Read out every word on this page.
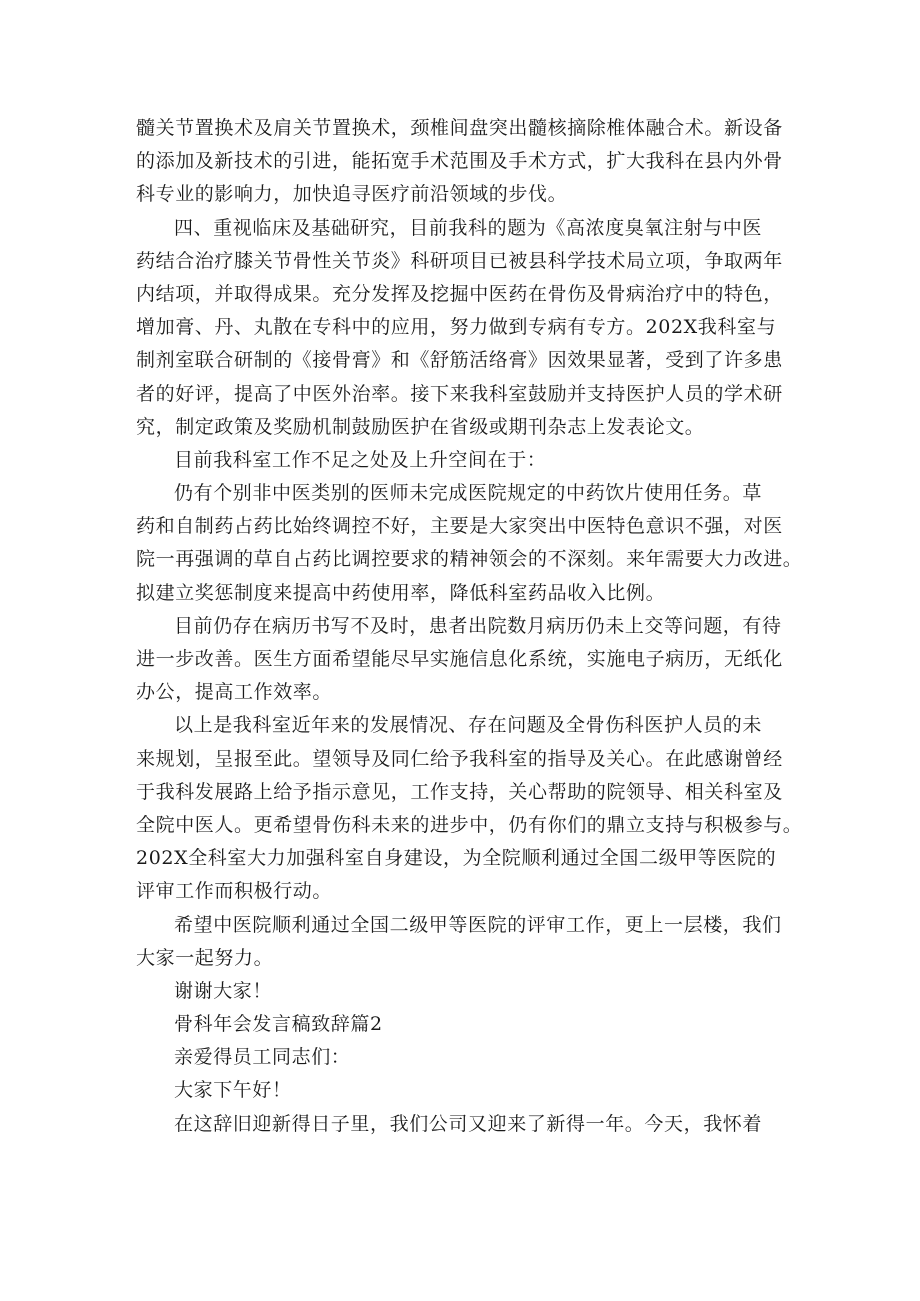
髓关节置换术及肩关节置换术，颈椎间盘突出髓核摘除椎体融合术。新设备
的添加及新技术的引进，能拓宽手术范围及手术方式，扩大我科在县内外骨
科专业的影响力，加快追寻医疗前沿领域的步伐。
四、重视临床及基础研究，目前我科的题为《高浓度臭氧注射与中医
药结合治疗膝关节骨性关节炎》科研项目已被县科学技术局立项，争取两年
内结项，并取得成果。充分发挥及挖掘中医药在骨伤及骨病治疗中的特色，
增加膏、丹、丸散在专科中的应用，努力做到专病有专方。202X我科室与
制剂室联合研制的《接骨膏》和《舒筋活络膏》因效果显著，受到了许多患
者的好评，提高了中医外治率。接下来我科室鼓励并支持医护人员的学术研
究，制定政策及奖励机制鼓励医护在省级或期刊杂志上发表论文。
目前我科室工作不足之处及上升空间在于：
仍有个别非中医类别的医师未完成医院规定的中药饮片使用任务。草
药和自制药占药比始终调控不好，主要是大家突出中医特色意识不强，对医
院一再强调的草自占药比调控要求的精神领会的不深刻。来年需要大力改进。
拟建立奖惩制度来提高中药使用率，降低科室药品收入比例。
目前仍存在病历书写不及时，患者出院数月病历仍未上交等问题，有待
进一步改善。医生方面希望能尽早实施信息化系统，实施电子病历，无纸化
办公，提高工作效率。
以上是我科室近年来的发展情况、存在问题及全骨伤科医护人员的未
来规划，呈报至此。望领导及同仁给予我科室的指导及关心。在此感谢曾经
于我科发展路上给予指示意见，工作支持，关心帮助的院领导、相关科室及
全院中医人。更希望骨伤科未来的进步中，仍有你们的鼎立支持与积极参与。
202X全科室大力加强科室自身建设，为全院顺利通过全国二级甲等医院的
评审工作而积极行动。
希望中医院顺利通过全国二级甲等医院的评审工作，更上一层楼，我们
大家一起努力。
谢谢大家！
骨科年会发言稿致辞篇2
亲爱得员工同志们：
大家下午好！
在这辞旧迎新得日子里，我们公司又迎来了新得一年。今天，我怀着
